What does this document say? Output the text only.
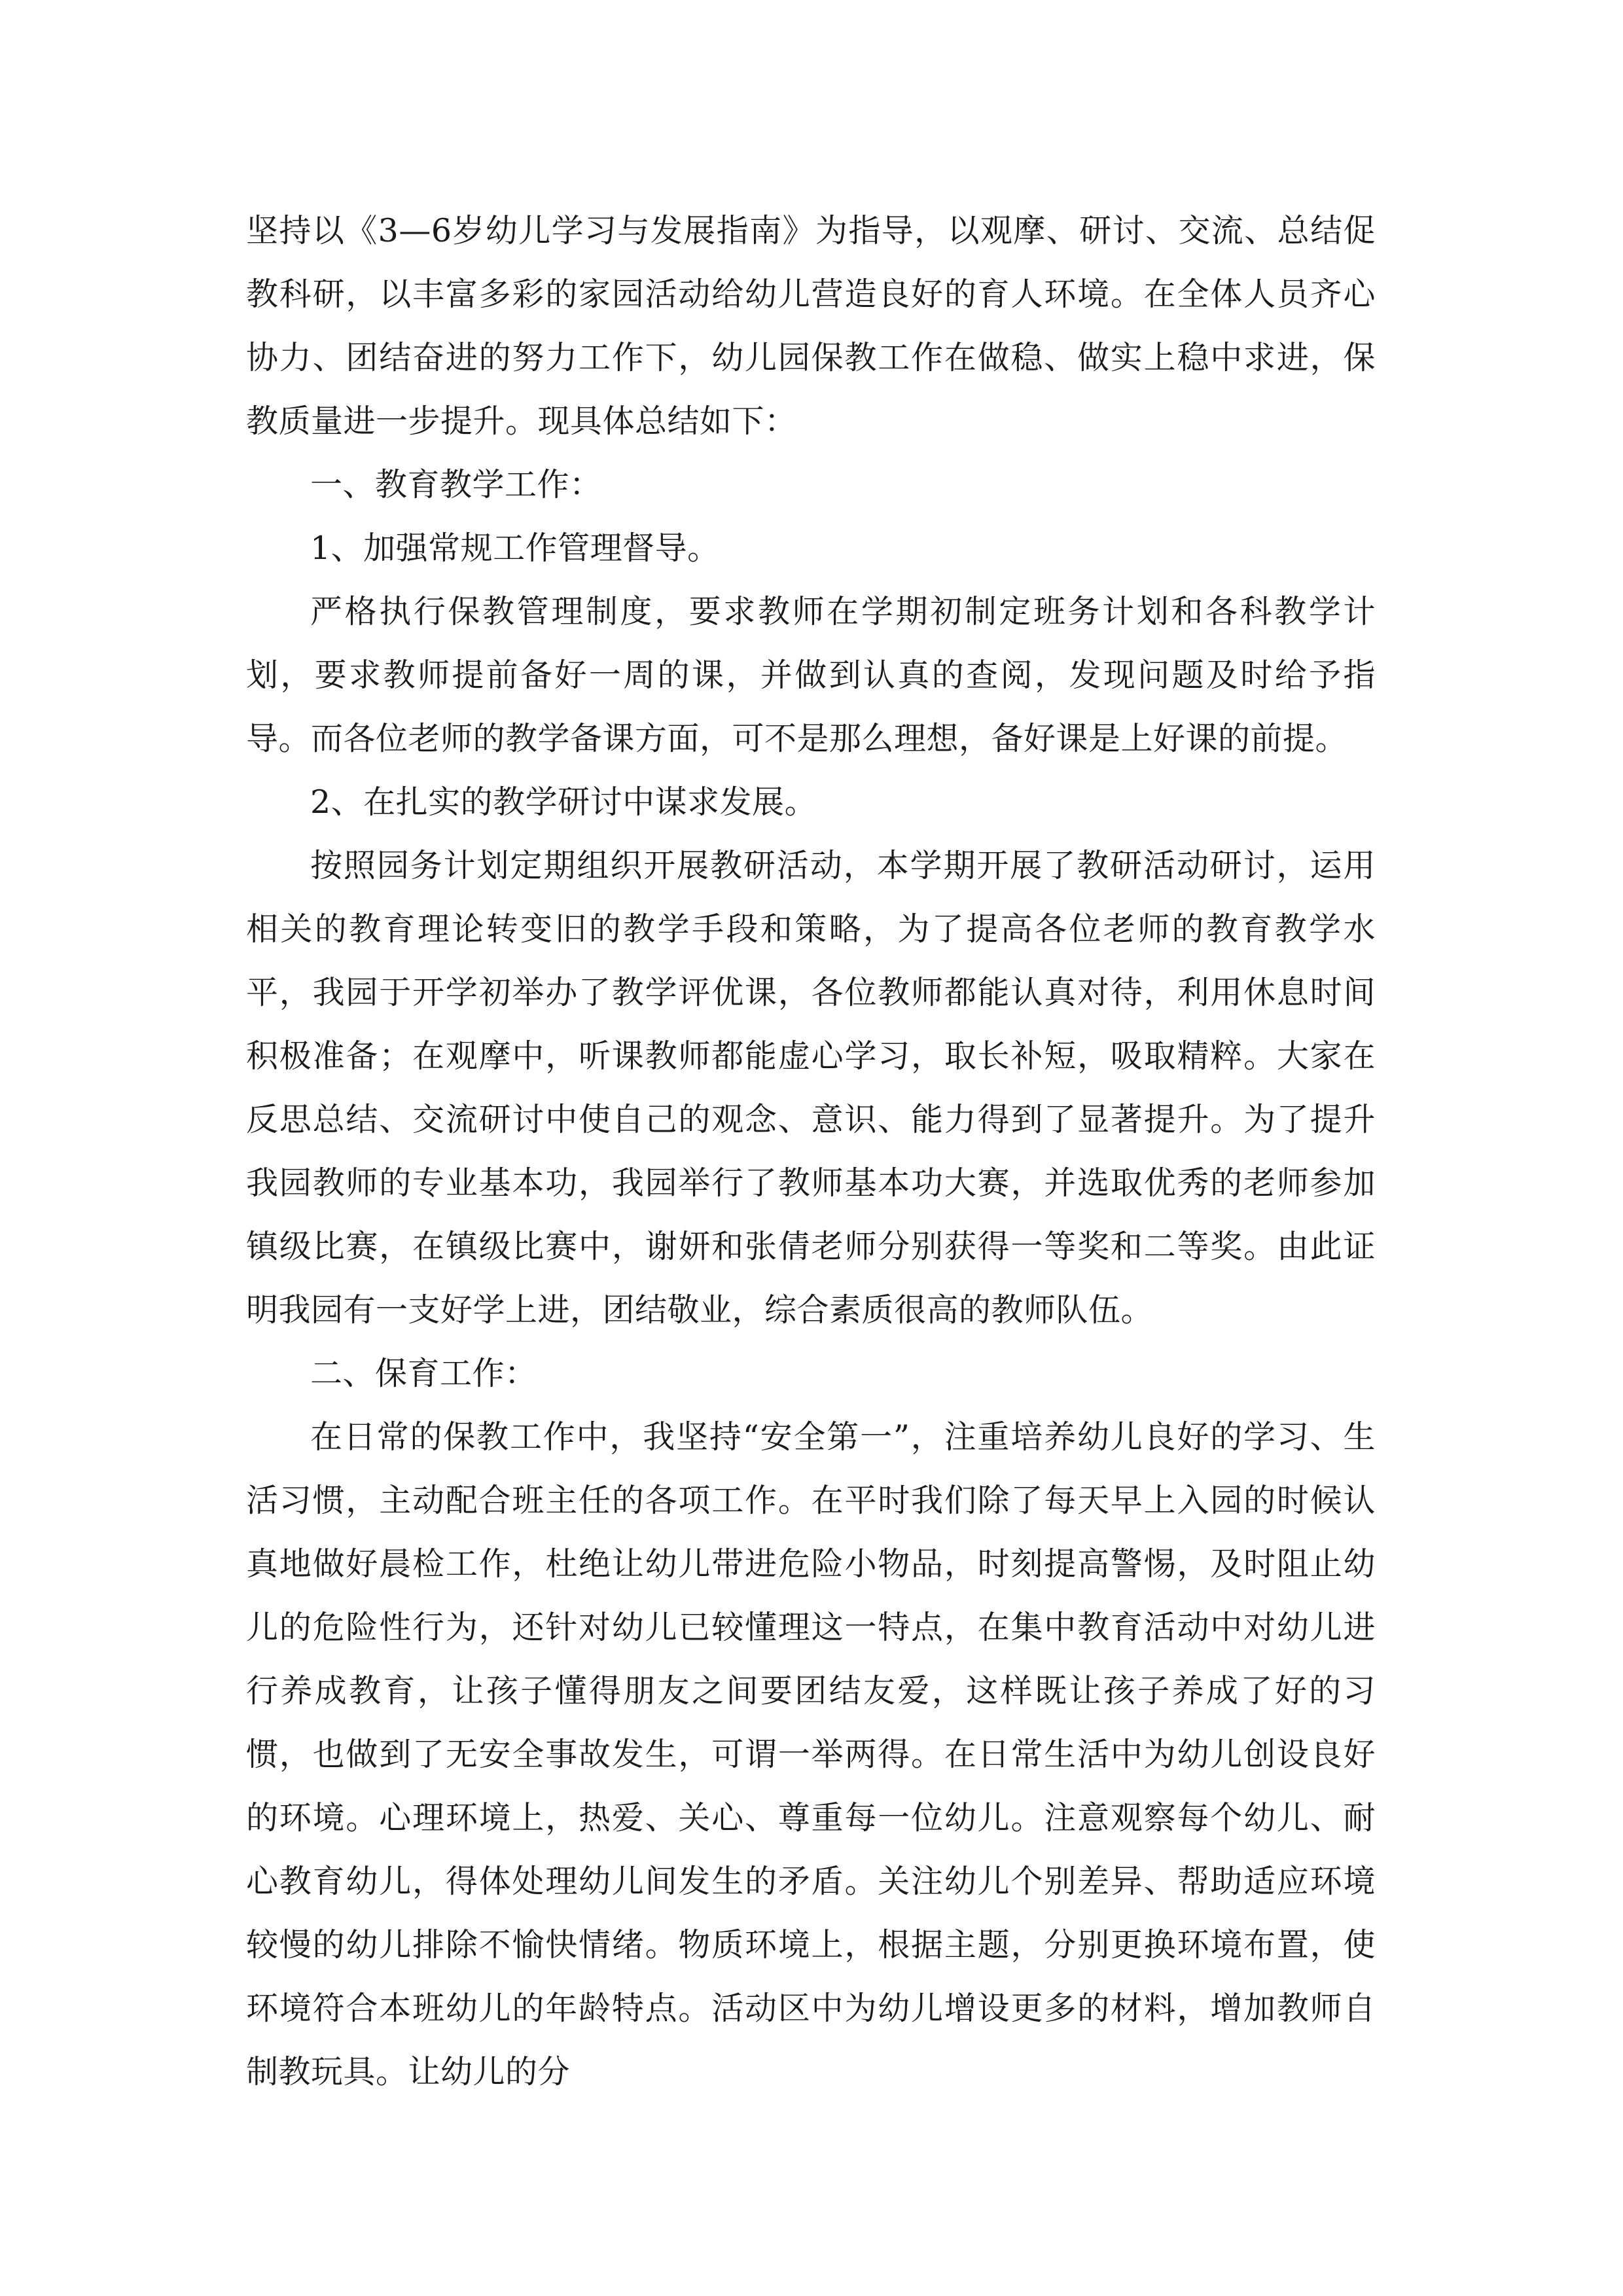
坚持以《3—6岁幼儿学习与发展指南》为指导，以观摩、研讨、交流、总结促教科研，以丰富多彩的家园活动给幼儿营造良好的育人环境。在全体人员齐心协力、团结奋进的努力工作下，幼儿园保教工作在做稳、做实上稳中求进，保教质量进一步提升。现具体总结如下：

一、教育教学工作：

1、加强常规工作管理督导。

严格执行保教管理制度，要求教师在学期初制定班务计划和各科教学计划，要求教师提前备好一周的课，并做到认真的查阅，发现问题及时给予指导。而各位老师的教学备课方面，可不是那么理想，备好课是上好课的前提。

2、在扎实的教学研讨中谋求发展。

按照园务计划定期组织开展教研活动，本学期开展了教研活动研讨，运用相关的教育理论转变旧的教学手段和策略，为了提高各位老师的教育教学水平，我园于开学初举办了教学评优课，各位教师都能认真对待，利用休息时间积极准备；在观摩中，听课教师都能虚心学习，取长补短，吸取精粹。大家在反思总结、交流研讨中使自己的观念、意识、能力得到了显著提升。为了提升我园教师的专业基本功，我园举行了教师基本功大赛，并选取优秀的老师参加镇级比赛，在镇级比赛中，谢妍和张倩老师分别获得一等奖和二等奖。由此证明我园有一支好学上进，团结敬业，综合素质很高的教师队伍。

二、保育工作：

在日常的保教工作中，我坚持“安全第一”，注重培养幼儿良好的学习、生活习惯，主动配合班主任的各项工作。在平时我们除了每天早上入园的时候认真地做好晨检工作，杜绝让幼儿带进危险小物品，时刻提高警惕，及时阻止幼儿的危险性行为，还针对幼儿已较懂理这一特点，在集中教育活动中对幼儿进行养成教育，让孩子懂得朋友之间要团结友爱，这样既让孩子养成了好的习惯，也做到了无安全事故发生，可谓一举两得。在日常生活中为幼儿创设良好的环境。心理环境上，热爱、关心、尊重每一位幼儿。注意观察每个幼儿、耐心教育幼儿，得体处理幼儿间发生的矛盾。关注幼儿个别差异、帮助适应环境较慢的幼儿排除不愉快情绪。物质环境上，根据主题，分别更换环境布置，使环境符合本班幼儿的年龄特点。活动区中为幼儿增设更多的材料，增加教师自制教玩具。让幼儿的分
